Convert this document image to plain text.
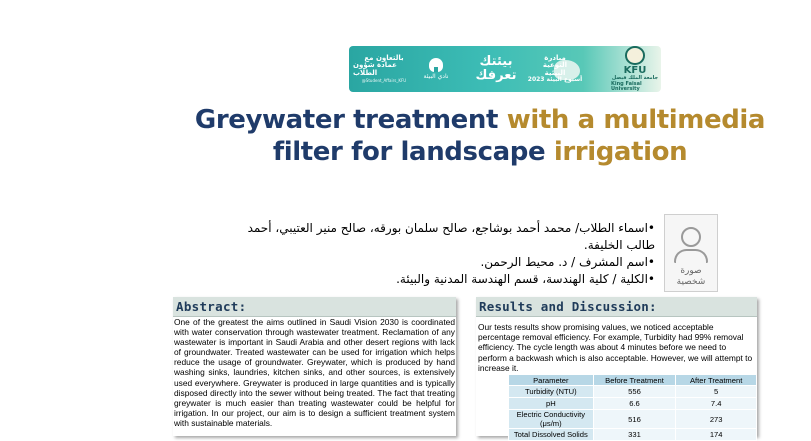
بالتعاون مع
عمادة شؤون الطلاب
@Student_Affairs_KFU
نادي البيئة
بيئتك
تعرفك
مبادرة
التوعية
البيئية
أسبوع البيئة 2023
KFU
جامعة الملك فيصل
King Faisal University
Greywater treatment with a multimedia
filter for landscape irrigation
صورة
شخصية

•اسماء الطلاب/ محمد أحمد بوشاجع، صالح سلمان بورقه، صالح منير العتيبي، أحمد طالب الخليفة.

•اسم المشرف / د. محيط الرحمن.

•الكلية / كلية الهندسة، قسم الهندسة المدنية والبيئة.

Abstract:

One of the greatest the aims outlined in Saudi Vision 2030 is coordinated with water conservation through wastewater treatment. Reclamation of any wastewater is important in Saudi Arabia and other desert regions with lack of groundwater. Treated wastewater can be used for irrigation which helps reduce the usage of groundwater. Greywater, which is produced by hand washing sinks, laundries, kitchen sinks, and other sources, is extensively used everywhere. Greywater is produced in large quantities and is typically disposed directly into the sewer without being treated. The fact that treating greywater is much easier than treating wastewater could be helpful for irrigation. In our project, our aim is to design a sufficient treatment system with sustainable materials.

Results and Discussion:

Our tests results show promising values, we noticed acceptable percentage removal efficiency. For example, Turbidity had 99% removal efficiency. The cycle length was about 4 minutes before we need to perform a backwash which is also acceptable. However, we will attempt to increase it.

Parameter	Before Treatment	After Treatment
Turbidity (NTU)	556	5
pH	6.6	7.4
Electric Conductivity (μs/m)	516	273
Total Dissolved Solids	331	174
